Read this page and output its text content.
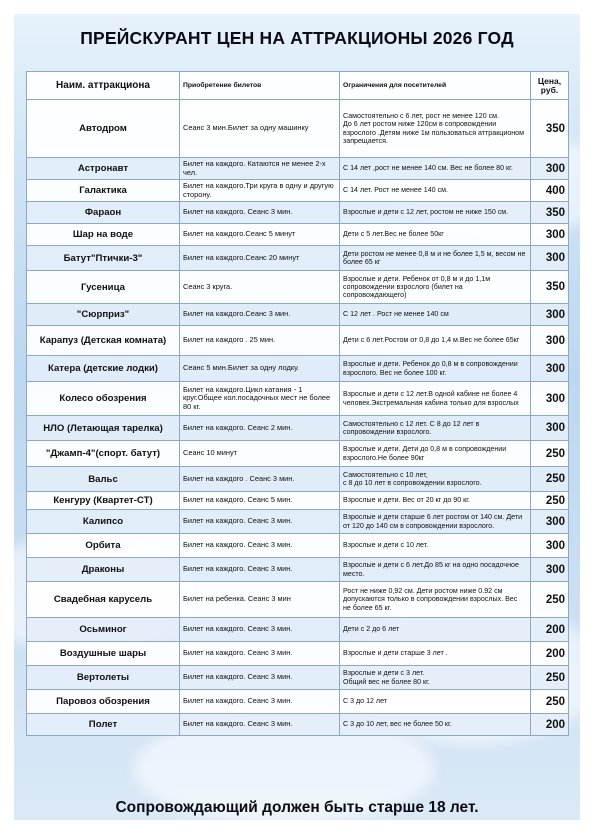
ПРЕЙСКУРАНТ ЦЕН НА АТТРАКЦИОНЫ 2026 ГОД
Наим. аттракциона	Приобретение билетов	Ограничения для посетителей	Цена, руб.
Автодром	Сеанс 3 мин.Билет за одну машинку	Самостоятельно с 6 лет, рост не менее 120 см.
До 6 лет ростом ниже 120см в сопровождении взрослого .Детям ниже 1м пользоваться аттракционом запрещается.	350
Астронавт	Билет на каждого. Катаются не менее 2-х чел.	С 14 лет ,рост не менее 140 см. Вес не более 80 кг.	300
Галактика	Билет на каждого.Три круга в одну и другую сторону.	С 14 лет. Рост не менее 140 см.	400
Фараон	Билет на каждого. Сеанс 3 мин.	Взрослые и дети с 12 лет, ростом не ниже 150 см.	350
Шар на воде	Билет на каждого.Сеанс 5 минут	Дети с 5 лет.Вес не более 50кг	300
Батут"Птички-3"	Билет на каждого.Сеанс 20 минут	Дети ростом не менее 0,8 м и не более 1,5 м, весом не более 65 кг	300
Гусеница	Сеанс 3 круга.	Взрослые и дети. Ребенок от 0,8 м и до 1,1м сопровождении взрослого (билет на сопровождающего)	350
"Сюрприз"	Билет на каждого.Сеанс 3 мин.	С 12 лет . Рост не менее 140 см	300
Карапуз (Детская комната)	Билет на каждого . 25 мин.	Дети с 6 лет.Ростом от 0,8 до 1,4 м.Вес не более 65кг	300
Катера (детские лодки)	Сеанс 5 мин.Билет за одну лодку.	Взрослые и дети. Ребенок до 0,8 м в сопровождении взрослого. Вес не более 100 кг.	300
Колесо обозрения	Билет на каждого.Цикл катания - 1 круг.Общее кол.посадочных мест не более 80 кг.	Взрослые и дети с 12 лет.В одной кабине не более 4 человек.Экстремальная кабина только для взрослых	300
НЛО (Летающая тарелка)	Билет на каждого. Сеанс 2 мин.	Самостоятельно с 12 лет. С 8 до 12 лет в сопровождении взрослого.	300
"Джамп-4"(спорт. батут)	Сеанс 10 минут	Взрослые и дети. Дети до 0,8 м в сопровождении взрослого.Не более 90кг	250
Вальс	Билет на каждого . Сеанс 3 мин.	Самостоятельно с 10 лет,
с 8 до 10 лет в сопровождении взрослого.	250
Кенгуру (Квартет-СТ)	Билет на каждого. Сеанс 5 мин.	Взрослые и дети. Вес от 20 кг до 90 кг.	250
Калипсо	Билет на каждого. Сеанс 3 мин.	Взрослые и дети старше 6 лет ростом от 140 см. Дети от 120 до 140 см в сопровождении взрослого.	300
Орбита	Билет на каждого. Сеанс 3 мин.	Взрослые и дети с 10 лет.	300
Драконы	Билет на каждого. Сеанс 3 мин.	Взрослые и дети с 6 лет.До 85 кг на одно посадочное место.	300
Свадебная карусель	Билет на ребенка. Сеанс 3 мин	Рост не ниже 0,92 см. Дети ростом ниже 0.92 см допускаются только в сопровождении взрослых. Вес не более 65 кг.	250
Осьминог	Билет на каждого. Сеанс 3 мин.	Дети с 2 до 6 лет	200
Воздушные шары	Билет на каждого. Сеанс 3 мин.	Взрослые и дети старше 3 лет .	200
Вертолеты	Билет на каждого. Сеанс 3 мин.	Взрослые и дети с 3 лет.
Общий вес не более 80 кг.	250
Паровоз обозрения	Билет на каждого. Сеанс 3 мин.	С 3 до 12 лет	250
Полет	Билет на каждого. Сеанс 3 мин.	С 3 до 10 лет, вес не более 50 кг.	200
Сопровождающий должен быть старше 18 лет.
